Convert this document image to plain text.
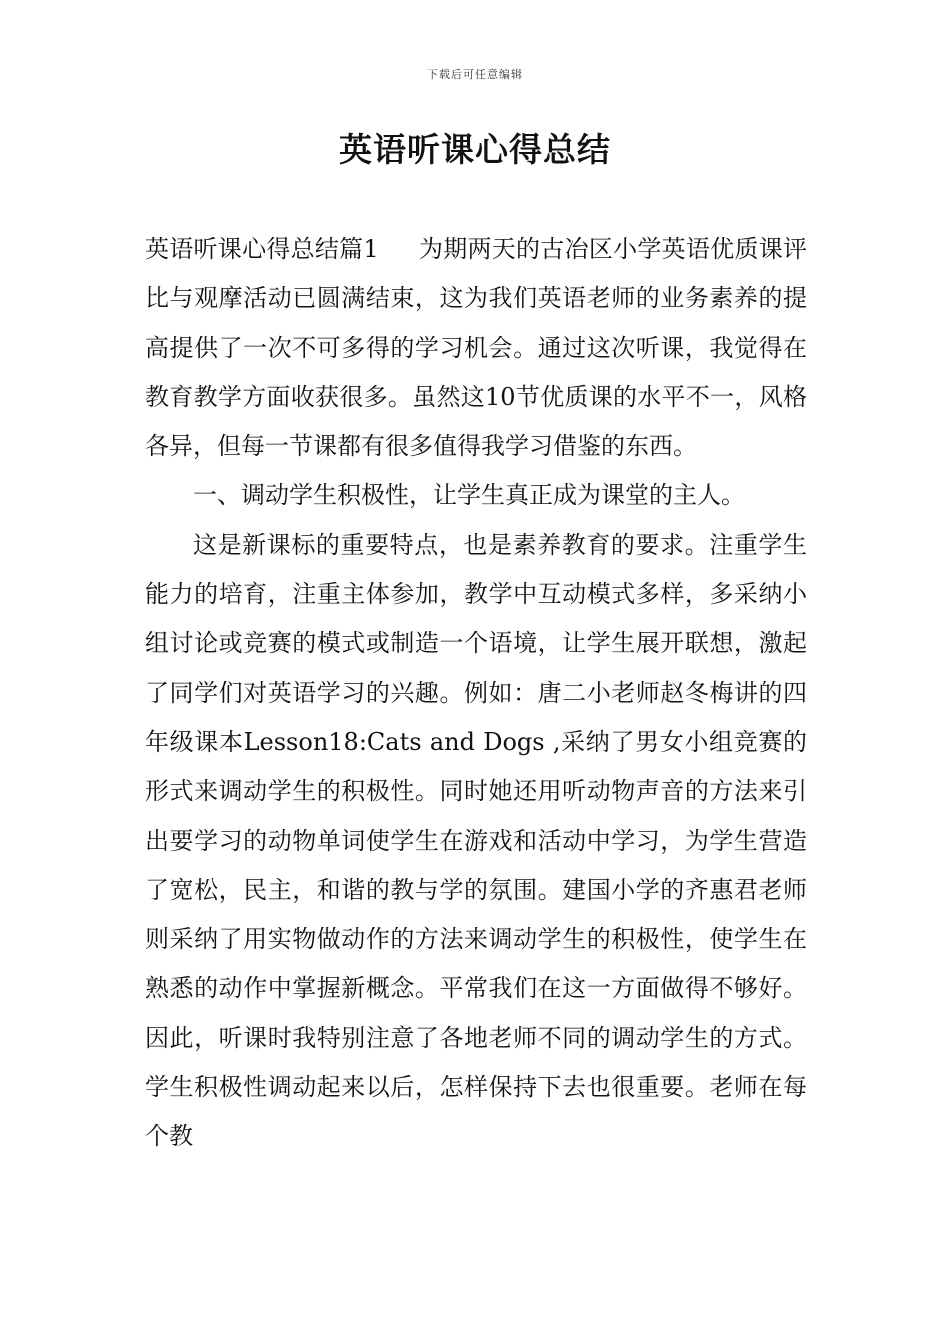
下载后可任意编辑
英语听课心得总结

英语听课心得总结篇1 为期两天的古冶区小学英语优质课评比与观摩活动已圆满结束，这为我们英语老师的业务素养的提高提供了一次不可多得的学习机会。通过这次听课，我觉得在教育教学方面收获很多。虽然这10节优质课的水平不一，风格各异，但每一节课都有很多值得我学习借鉴的东西。

一、调动学生积极性，让学生真正成为课堂的主人。

这是新课标的重要特点，也是素养教育的要求。注重学生能力的培育，注重主体参加，教学中互动模式多样，多采纳小组讨论或竞赛的模式或制造一个语境，让学生展开联想，激起了同学们对英语学习的兴趣。例如：唐二小老师赵冬梅讲的四年级课本Lesson18:Cats and Dogs ,采纳了男女小组竞赛的形式来调动学生的积极性。同时她还用听动物声音的方法来引出要学习的动物单词使学生在游戏和活动中学习，为学生营造了宽松，民主，和谐的教与学的氛围。建国小学的齐惠君老师则采纳了用实物做动作的方法来调动学生的积极性，使学生在熟悉的动作中掌握新概念。平常我们在这一方面做得不够好。因此，听课时我特别注意了各地老师不同的调动学生的方式。学生积极性调动起来以后，怎样保持下去也很重要。老师在每个教
